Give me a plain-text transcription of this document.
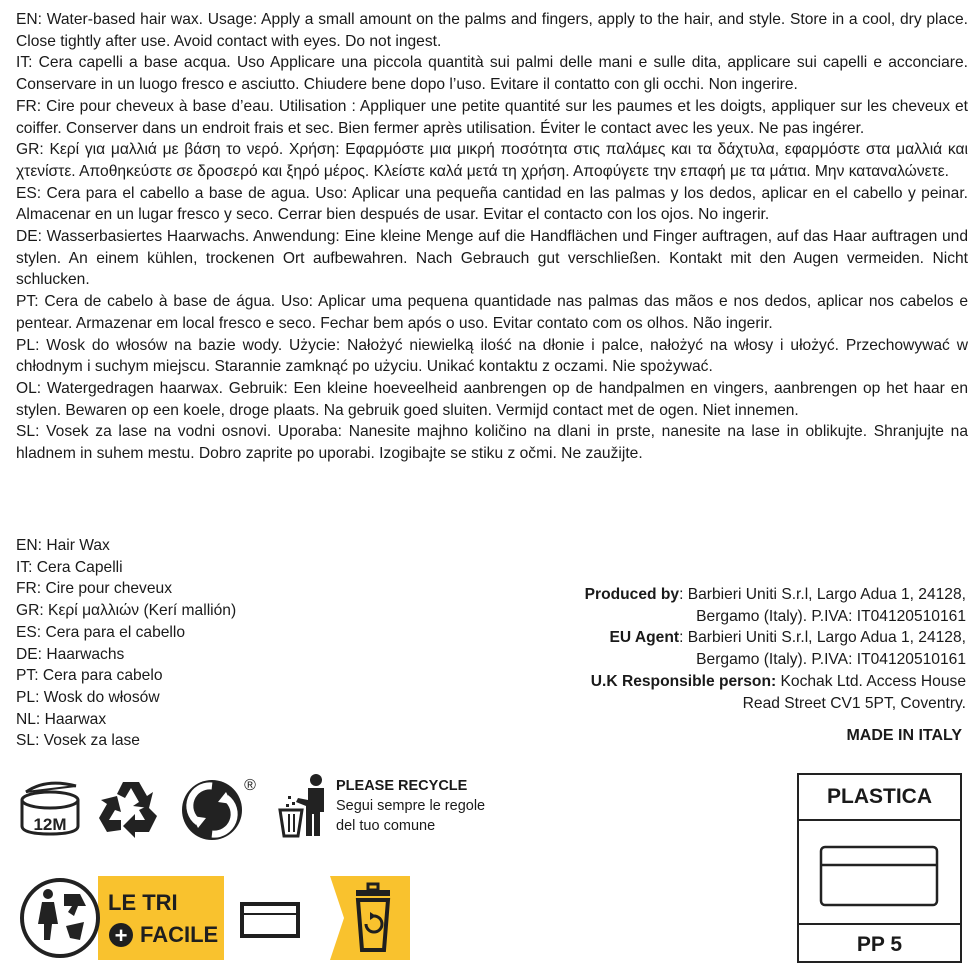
EN: Water-based hair wax. Usage: Apply a small amount on the palms and fingers, apply to the hair, and style. Store in a cool, dry place. Close tightly after use. Avoid contact with eyes. Do not ingest.

IT: Cera capelli a base acqua. Uso Applicare una piccola quantità sui palmi delle mani e sulle dita, applicare sui capelli e acconciare. Conservare in un luogo fresco e asciutto. Chiudere bene dopo l’uso. Evitare il contatto con gli occhi. Non ingerire.

FR: Cire pour cheveux à base d’eau. Utilisation : Appliquer une petite quantité sur les paumes et les doigts, appliquer sur les cheveux et coiffer. Conserver dans un endroit frais et sec. Bien fermer après utilisation. Éviter le contact avec les yeux. Ne pas ingérer.

GR: Κερί για μαλλιά με βάση το νερό. Χρήση: Εφαρμόστε μια μικρή ποσότητα στις παλάμες και τα δάχτυλα, εφαρμόστε στα μαλλιά και χτενίστε. Αποθηκεύστε σε δροσερό και ξηρό μέρος. Κλείστε καλά μετά τη χρήση. Αποφύγετε την επαφή με τα μάτια. Μην καταναλώνετε.

ES: Cera para el cabello a base de agua. Uso: Aplicar una pequeña cantidad en las palmas y los dedos, aplicar en el cabello y peinar. Almacenar en un lugar fresco y seco. Cerrar bien después de usar. Evitar el contacto con los ojos. No ingerir.

DE: Wasserbasiertes Haarwachs. Anwendung: Eine kleine Menge auf die Handflächen und Finger auftragen, auf das Haar auftragen und stylen. An einem kühlen, trockenen Ort aufbewahren. Nach Gebrauch gut verschließen. Kontakt mit den Augen vermeiden. Nicht schlucken.

PT: Cera de cabelo à base de água. Uso: Aplicar uma pequena quantidade nas palmas das mãos e nos dedos, aplicar nos cabelos e pentear. Armazenar em local fresco e seco. Fechar bem após o uso. Evitar contato com os olhos. Não ingerir.

PL: Wosk do włosów na bazie wody. Użycie: Nałożyć niewielką ilość na dłonie i palce, nałożyć na włosy i ułożyć. Przechowywać w chłodnym i suchym miejscu. Starannie zamknąć po użyciu. Unikać kontaktu z oczami. Nie spożywać.

OL: Watergedragen haarwax. Gebruik: Een kleine hoeveelheid aanbrengen op de handpalmen en vingers, aanbrengen op het haar en stylen. Bewaren op een koele, droge plaats. Na gebruik goed sluiten. Vermijd contact met de ogen. Niet innemen.

SL: Vosek za lase na vodni osnovi. Uporaba: Nanesite majhno količino na dlani in prste, nanesite na lase in oblikujte. Shranjujte na hladnem in suhem mestu. Dobro zaprite po uporabi. Izogibajte se stiku z očmi. Ne zaužijte.

EN: Hair Wax
IT: Cera Capelli
FR: Cire pour cheveux
GR: Κερί μαλλιών (Kerí mallión)
ES: Cera para el cabello
DE: Haarwachs
PT: Cera para cabelo
PL: Wosk do włosów
NL: Haarwax
SL: Vosek za lase
Produced by: Barbieri Uniti S.r.l, Largo Adua 1, 24128,
Bergamo (Italy). P.IVA: IT04120510161
EU Agent: Barbieri Uniti S.r.l, Largo Adua 1, 24128,
Bergamo (Italy). P.IVA: IT04120510161
U.K Responsible person: Kochak Ltd. Access House
Read Street CV1 5PT, Coventry.
MADE IN ITALY
12M
®	PLEASE RECYCLE
Segui sempre le regole
del tuo comune
LE TRI
+ FACILE
PLASTICA
PP 5
